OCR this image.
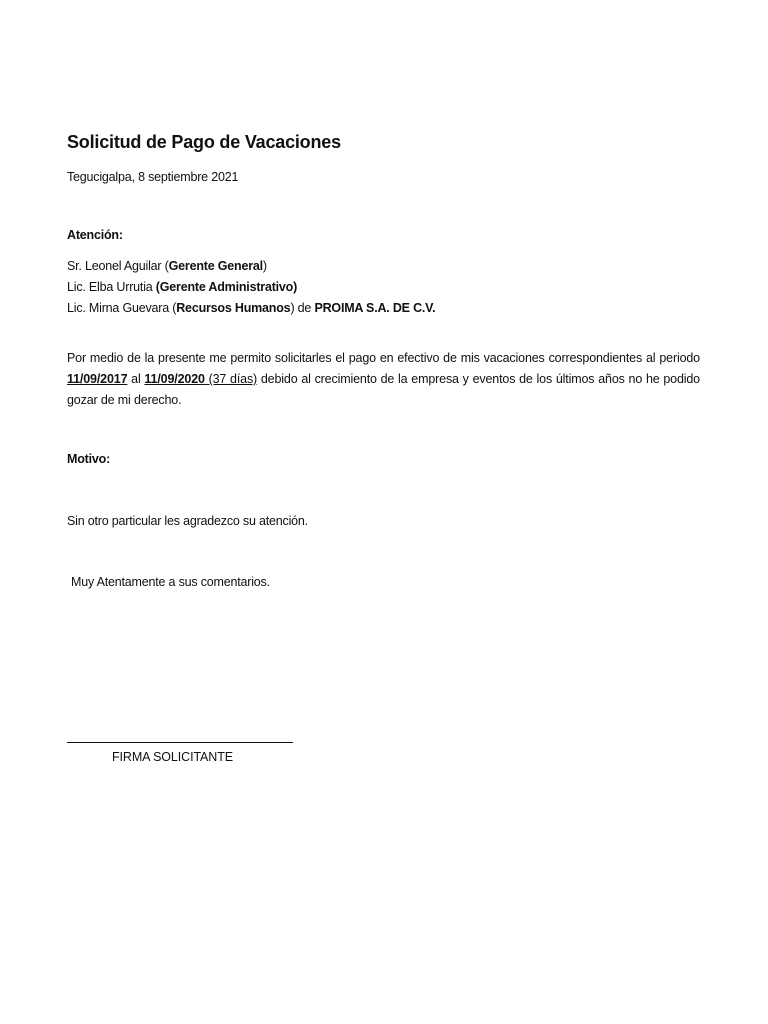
Solicitud de Pago de Vacaciones

Tegucigalpa, 8 septiembre 2021

Atención:

Sr. Leonel Aguilar (Gerente General)
Lic. Elba Urrutia (Gerente Administrativo)
Lic. Mirna Guevara (Recursos Humanos) de PROIMA S.A. DE C.V.

Por medio de la presente me permito solicitarles el pago en efectivo de mis vacaciones correspondientes al periodo 11/09/2017 al 11/09/2020 (37 días) debido al crecimiento de la empresa y eventos de los últimos años no he podido gozar de mi derecho.

Motivo:

Sin otro particular les agradezco su atención.

Muy Atentamente a sus comentarios.

FIRMA SOLICITANTE
